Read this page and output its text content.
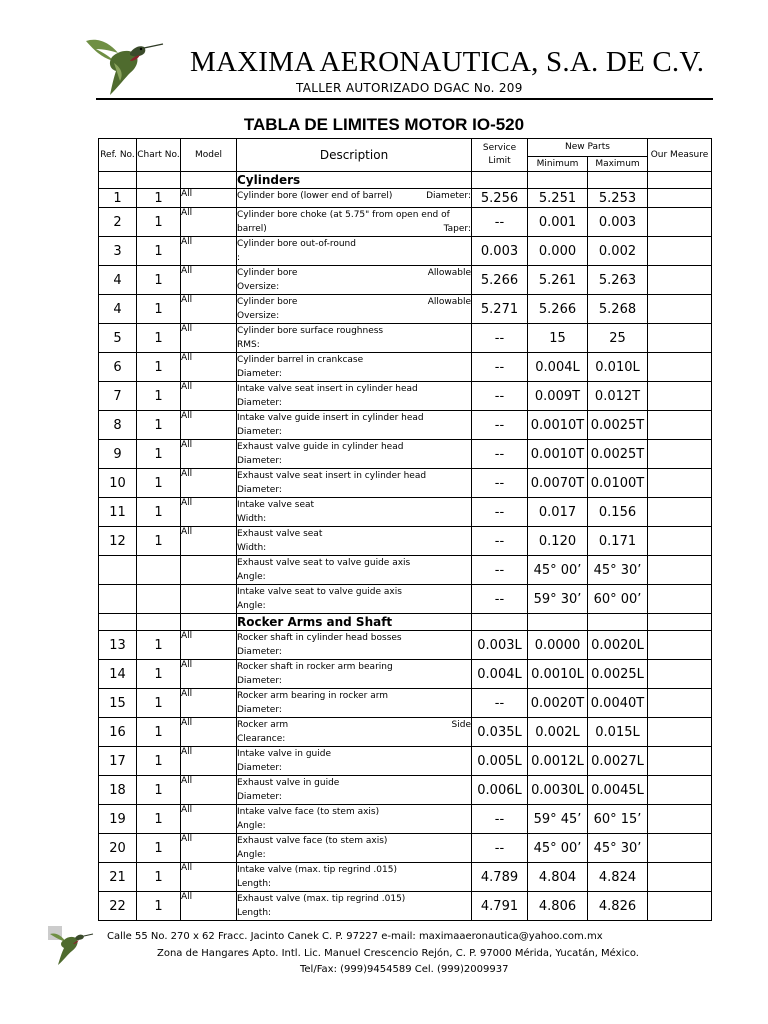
MAXIMA AERONAUTICA, S.A. DE C.V.
TALLER AUTORIZADO DGAC No. 209
TABLA DE LIMITES MOTOR IO-520
Ref. No.	Chart No.	Model	Description	Service Limit	New Parts		Our Measure
					Minimum	Maximum	
			Cylinders				
1	1	All	Cylinder bore (lower end of barrel) Diameter:	5.256	5.251	5.253	
2	1	All	Cylinder bore choke (at 5.75" from open end of
barrel) Taper:	--	0.001	0.003	
3	1	All	Cylinder bore out-of-round
:	0.003	0.000	0.002	
4	1	All	Cylinder bore Allowable
Oversize:	5.266	5.261	5.263	
4	1	All	Cylinder bore Allowable
Oversize:	5.271	5.266	5.268	
5	1	All	Cylinder bore surface roughness
RMS:	--	15	25	
6	1	All	Cylinder barrel in crankcase
Diameter:	--	0.004L	0.010L	
7	1	All	Intake valve seat insert in cylinder head
Diameter:	--	0.009T	0.012T	
8	1	All	Intake valve guide insert in cylinder head
Diameter:	--	0.0010T	0.0025T	
9	1	All	Exhaust valve guide in cylinder head
Diameter:	--	0.0010T	0.0025T	
10	1	All	Exhaust valve seat insert in cylinder head
Diameter:	--	0.0070T	0.0100T	
11	1	All	Intake valve seat
Width:	--	0.017	0.156	
12	1	All	Exhaust valve seat
Width:	--	0.120	0.171	

			Exhaust valve seat to valve guide axis
Angle:	--	45° 00’	45° 30’	

			Intake valve seat to valve guide axis
Angle:	--	59° 30’	60° 00’	
			Rocker Arms and Shaft				
13	1	All	Rocker shaft in cylinder head bosses
Diameter:	0.003L	0.0000	0.0020L	
14	1	All	Rocker shaft in rocker arm bearing
Diameter:	0.004L	0.0010L	0.0025L	
15	1	All	Rocker arm bearing in rocker arm
Diameter:	--	0.0020T	0.0040T	
16	1	All	Rocker arm Side
Clearance:	0.035L	0.002L	0.015L	
17	1	All	Intake valve in guide
Diameter:	0.005L	0.0012L	0.0027L	
18	1	All	Exhaust valve in guide
Diameter:	0.006L	0.0030L	0.0045L	
19	1	All	Intake valve face (to stem axis)
Angle:	--	59° 45’	60° 15’	
20	1	All	Exhaust valve face (to stem axis)
Angle:	--	45° 00’	45° 30’	
21	1	All	Intake valve (max. tip regrind .015)
Length:	4.789	4.804	4.824	
22	1	All	Exhaust valve (max. tip regrind .015)
Length:	4.791	4.806	4.826	
Calle 55 No. 270 x 62 Fracc. Jacinto Canek C. P. 97227 e-mail: maximaaeronautica@yahoo.com.mx
Zona de Hangares Apto. Intl. Lic. Manuel Crescencio Rejón, C. P. 97000 Mérida, Yucatán, México.
Tel/Fax: (999)9454589 Cel. (999)2009937
